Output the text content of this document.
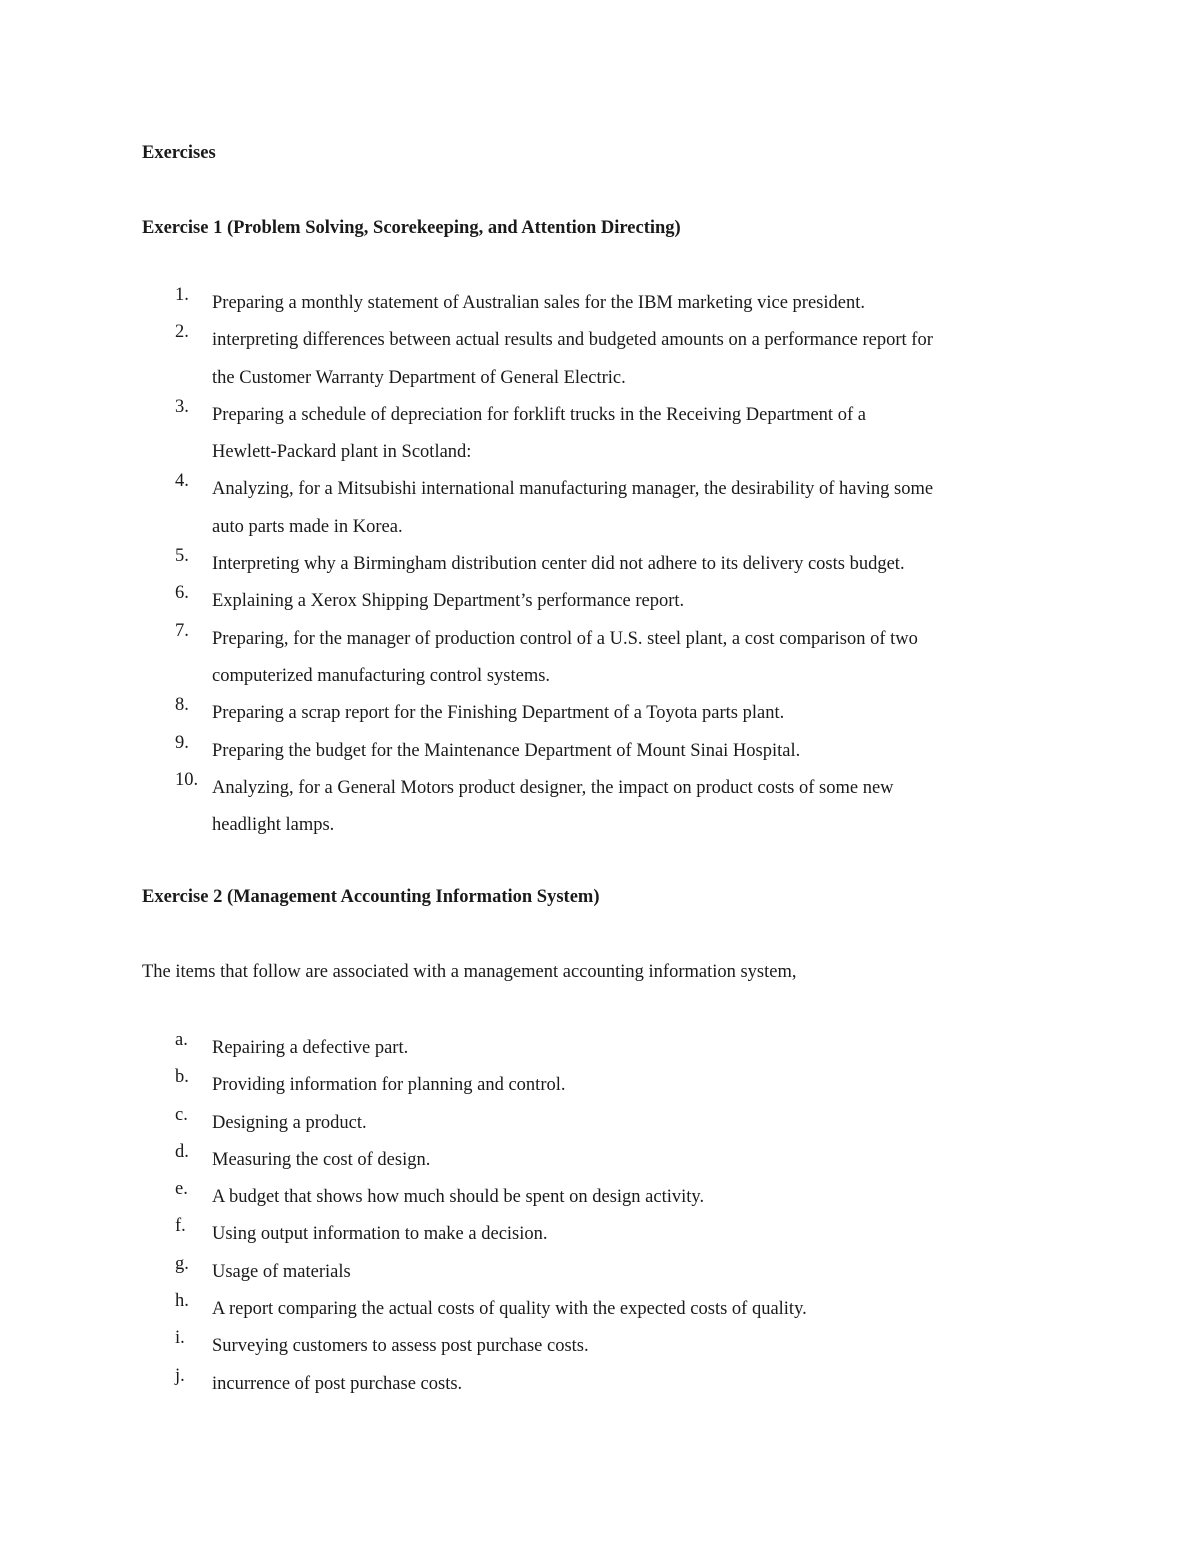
Exercises
Exercise 1 (Problem Solving, Scorekeeping, and Attention Directing)
1. Preparing a monthly statement of Australian sales for the IBM marketing vice president.
2. interpreting differences between actual results and budgeted amounts on a performance report for
the Customer Warranty Department of General Electric.
3. Preparing a schedule of depreciation for forklift trucks in the Receiving Department of a
Hewlett-Packard plant in Scotland:
4. Analyzing, for a Mitsubishi international manufacturing manager, the desirability of having some
auto parts made in Korea.
5. Interpreting why a Birmingham distribution center did not adhere to its delivery costs budget.
6. Explaining a Xerox Shipping Department’s performance report.
7. Preparing, for the manager of production control of a U.S. steel plant, a cost comparison of two
computerized manufacturing control systems.
8. Preparing a scrap report for the Finishing Department of a Toyota parts plant.
9. Preparing the budget for the Maintenance Department of Mount Sinai Hospital.
10. Analyzing, for a General Motors product designer, the impact on product costs of some new
headlight lamps.
Exercise 2 (Management Accounting Information System)
The items that follow are associated with a management accounting information system,
a. Repairing a defective part.
b. Providing information for planning and control.
c. Designing a product.
d. Measuring the cost of design.
e. A budget that shows how much should be spent on design activity.
f. Using output information to make a decision.
g. Usage of materials
h. A report comparing the actual costs of quality with the expected costs of quality.
i. Surveying customers to assess post purchase costs.
j. incurrence of post purchase costs.
